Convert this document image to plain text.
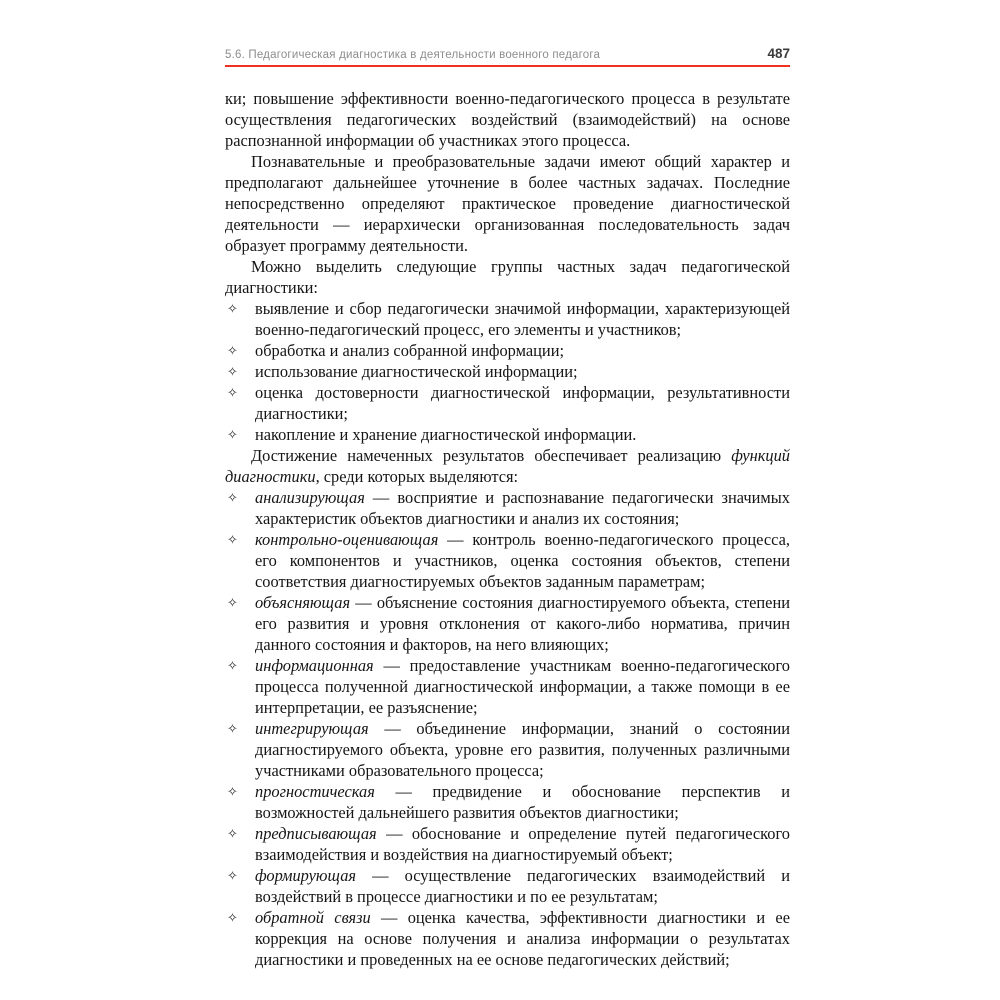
5.6. Педагогическая диагностика в деятельности военного педагога	487

ки; повышение эффективности военно-педагогического процесса в результате осуществления педагогических воздействий (взаимодействий) на основе распознанной информации об участниках этого процесса.

Познавательные и преобразовательные задачи имеют общий характер и предполагают дальнейшее уточнение в более частных задачах. Последние непосредственно определяют практическое проведение диагностической деятельности — иерархически организованная последовательность задач образует программу деятельности.

Можно выделить следующие группы частных задач педагогической диагностики:

✧ выявление и сбор педагогически значимой информации, характеризующей военно-педагогический процесс, его элементы и участников;
✧ обработка и анализ собранной информации;
✧ использование диагностической информации;
✧ оценка достоверности диагностической информации, результативности диагностики;
✧ накопление и хранение диагностической информации.

Достижение намеченных результатов обеспечивает реализацию функций диагностики, среди которых выделяются:

✧ анализирующая — восприятие и распознавание педагогически значимых характеристик объектов диагностики и анализ их состояния;
✧ контрольно-оценивающая — контроль военно-педагогического процесса, его компонентов и участников, оценка состояния объектов, степени соответствия диагностируемых объектов заданным параметрам;
✧ объясняющая — объяснение состояния диагностируемого объекта, степени его развития и уровня отклонения от какого-либо норматива, причин данного состояния и факторов, на него влияющих;
✧ информационная — предоставление участникам военно-педагогического процесса полученной диагностической информации, а также помощи в ее интерпретации, ее разъяснение;
✧ интегрирующая — объединение информации, знаний о состоянии диагностируемого объекта, уровне его развития, полученных различными участниками образовательного процесса;
✧ прогностическая — предвидение и обоснование перспектив и возможностей дальнейшего развития объектов диагностики;
✧ предписывающая — обоснование и определение путей педагогического взаимодействия и воздействия на диагностируемый объект;
✧ формирующая — осуществление педагогических взаимодействий и воздействий в процессе диагностики и по ее результатам;
✧ обратной связи — оценка качества, эффективности диагностики и ее коррекция на основе получения и анализа информации о результатах диагностики и проведенных на ее основе педагогических действий;
